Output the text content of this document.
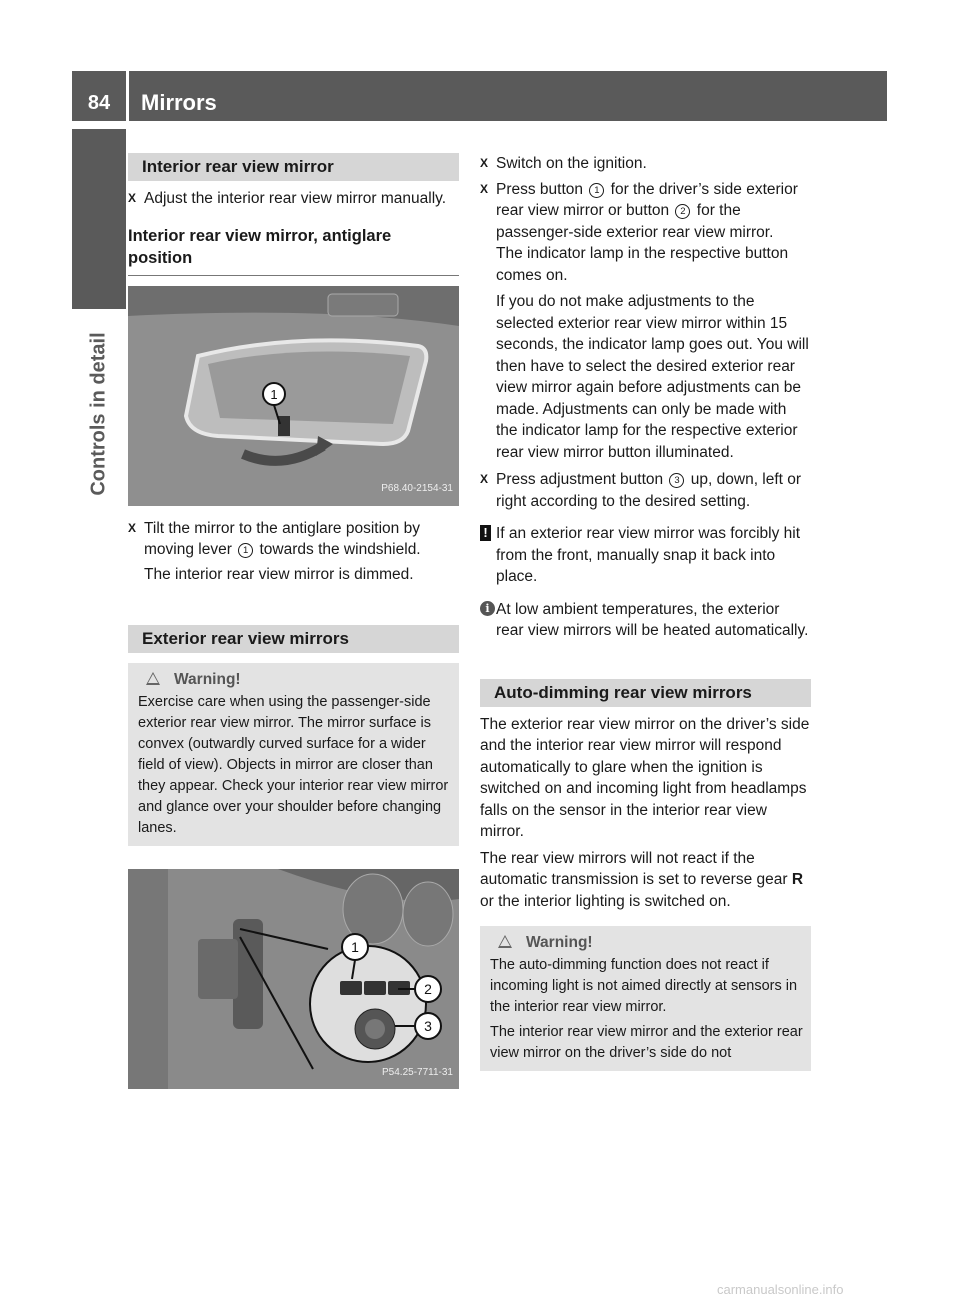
84	Mirrors
Controls in detail
Interior rear view mirror
X Adjust the interior rear view mirror manually.
Interior rear view mirror, antiglare position
1
P68.40-2154-31
X Tilt the mirror to the antiglare position by moving lever 1 towards the windshield.
The interior rear view mirror is dimmed.
Exterior rear view mirrors
Warning!
Exercise care when using the passenger-side exterior rear view mirror. The mirror surface is convex (outwardly curved surface for a wider field of view). Objects in mirror are closer than they appear. Check your interior rear view mirror and glance over your shoulder before changing lanes.
1
2
3
P54.25-7711-31
X Switch on the ignition.
X Press button 1 for the driver’s side exterior rear view mirror or button 2 for the passenger-side exterior rear view mirror.
The indicator lamp in the respective button comes on.
If you do not make adjustments to the selected exterior rear view mirror within 15 seconds, the indicator lamp goes out. You will then have to select the desired exterior rear view mirror again before adjustments can be made. Adjustments can only be made with the indicator lamp for the respective exterior rear view mirror button illuminated.
X Press adjustment button 3 up, down, left or right according to the desired setting.
! If an exterior rear view mirror was forcibly hit from the front, manually snap it back into place.
i At low ambient temperatures, the exterior rear view mirrors will be heated automatically.
Auto-dimming rear view mirrors
The exterior rear view mirror on the driver’s side and the interior rear view mirror will respond automatically to glare when the ignition is switched on and incoming light from headlamps falls on the sensor in the interior rear view mirror.
The rear view mirrors will not react if the automatic transmission is set to reverse gear R or the interior lighting is switched on.
Warning!
The auto-dimming function does not react if incoming light is not aimed directly at sensors in the interior rear view mirror.
The interior rear view mirror and the exterior rear view mirror on the driver’s side do not
carmanualsonline.info
